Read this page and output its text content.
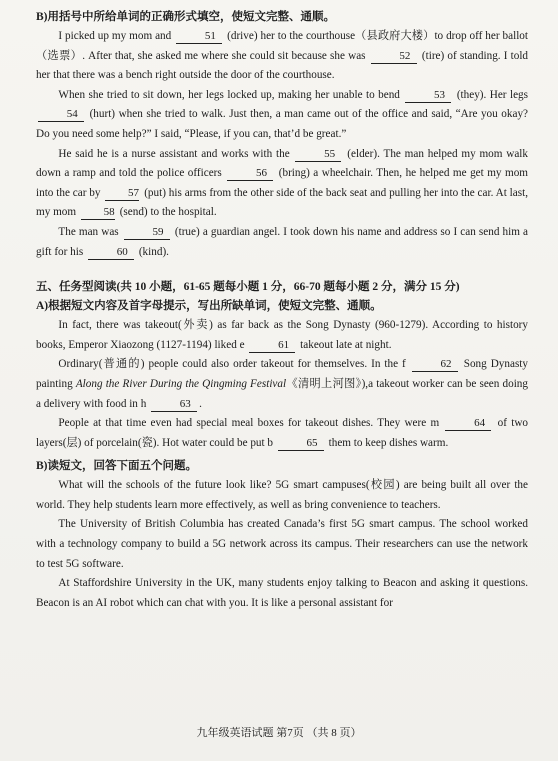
B)用括号中所给单词的正确形式填空，使短文完整、通顺。

I picked up my mom and	51 (drive) her to the courthouse（县政府大楼）to drop off her ballot（选票）. After that, she asked me where she could sit because she was	52 (tire) of standing. I told her that there was a bench right outside the door of the courthouse.

When she tried to sit down, her legs locked up, making her unable to bend	53 (they). Her legs 54 (hurt) when she tried to walk. Just then, a man came out of the office and said, “Are you okay? Do you need some help?” I said, “Please, if you can, that’d be great.”

He said he is a nurse assistant and works with the	55 (elder). The man helped my mom walk down a ramp and told the police officers	56 (bring) a wheelchair. Then, he helped me get my mom into the car by	57 (put) his arms from the other side of the back seat and pulling her into the car. At last, my mom 58 (send) to the hospital.

The man was	59 (true) a guardian angel. I took down his name and address so I can send him a gift for his	60 (kind).

五、任务型阅读(共 10 小题，61-65 题每小题 1 分，66-70 题每小题 2 分，满分 15 分)

A)根据短文内容及首字母提示，写出所缺单词，使短文完整、通顺。

In fact, there was takeout(外卖) as far back as the Song Dynasty (960-1279). According to history books, Emperor Xiaozong (1127-1194) liked e	61 takeout late at night.

Ordinary(普通的) people could also order takeout for themselves. In the f	62 Song Dynasty painting Along the River During the Qingming Festival《清明上河图》),a takeout worker can be seen doing a delivery with food in h	63 .

People at that time even had special meal boxes for takeout dishes. They were m	64 of two layers(层) of porcelain(瓷). Hot water could be put b	65 them to keep dishes warm.

B)读短文，回答下面五个问题。

What will the schools of the future look like? 5G smart campuses(校园) are being built all over the world. They help students learn more effectively, as well as bring convenience to teachers.

The University of British Columbia has created Canada’s first 5G smart campus. The school worked with a technology company to build a 5G network across its campus. Their researchers can use the network to test 5G software.

At Staffordshire University in the UK, many students enjoy talking to Beacon and asking it questions. Beacon is an AI robot which can chat with you. It is like a personal assistant for

九年级英语试题 第7页 （共 8 页）
